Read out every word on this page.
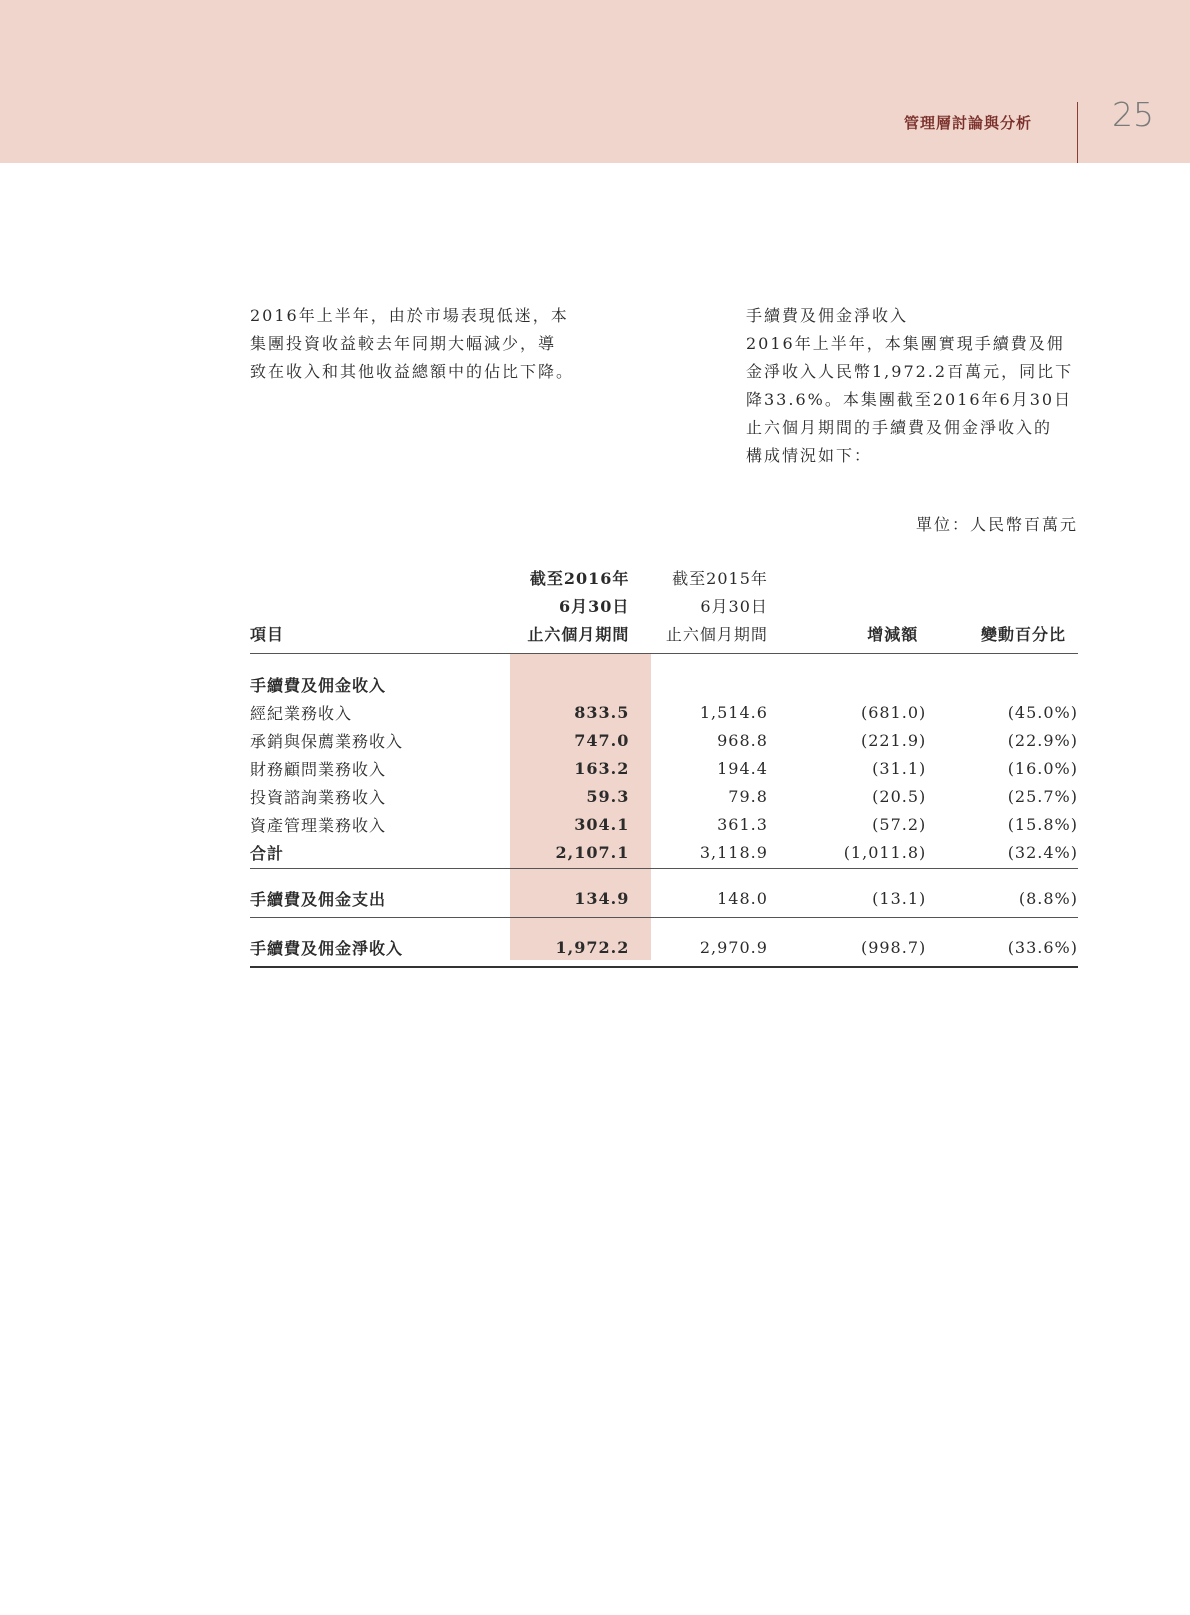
管理層討論與分析 25

2016年上半年，由於市場表現低迷，本

集團投資收益較去年同期大幅減少，導

致在收入和其他收益總額中的佔比下降。

手續費及佣金淨收入

2016年上半年，本集團實現手續費及佣

金淨收入人民幣1,972.2百萬元，同比下

降33.6%。本集團截至2016年6月30日

止六個月期間的手續費及佣金淨收入的

構成情況如下：

單位：人民幣百萬元
	截至2016年	截至2015年		
	6月30日	6月30日		
項目	止六個月期間	止六個月期間	增減額	變動百分比

手續費及佣金收入				
經紀業務收入	833.5	1,514.6	(681.0)	(45.0%)
承銷與保薦業務收入	747.0	968.8	(221.9)	(22.9%)
財務顧問業務收入	163.2	194.4	(31.1)	(16.0%)
投資諮詢業務收入	59.3	79.8	(20.5)	(25.7%)
資產管理業務收入	304.1	361.3	(57.2)	(15.8%)
合計	2,107.1	3,118.9	(1,011.8)	(32.4%)

手續費及佣金支出	134.9	148.0	(13.1)	(8.8%)

手續費及佣金淨收入	1,972.2	2,970.9	(998.7)	(33.6%)
